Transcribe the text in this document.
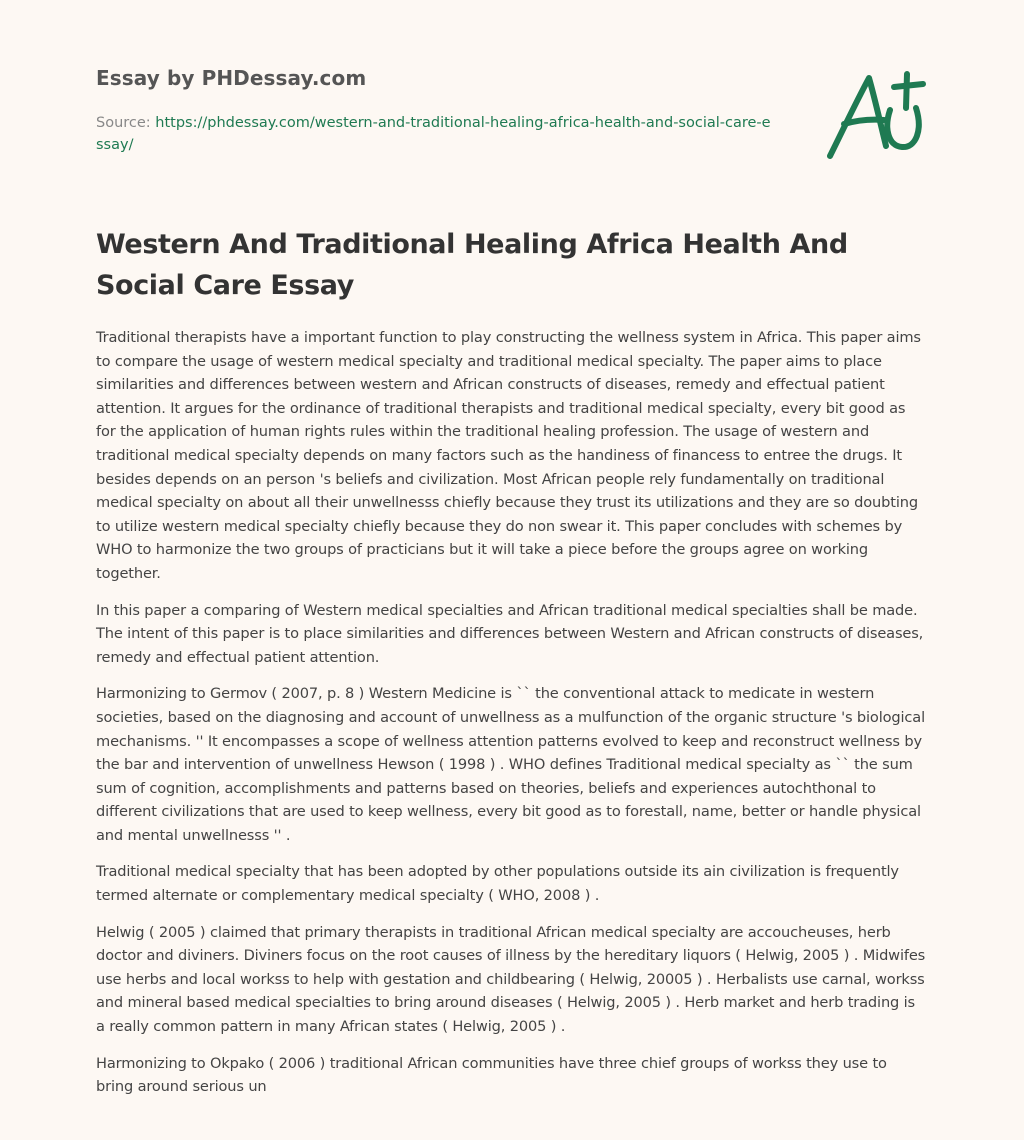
Essay by PHDessay.com
Source: https://phdessay.com/western-and-traditional-healing-africa-health-and-social-care-essay/
Western And Traditional Healing Africa Health And Social Care Essay

Traditional therapists have a important function to play constructing the wellness system in Africa. This paper aims to compare the usage of western medical specialty and traditional medical specialty. The paper aims to place similarities and differences between western and African constructs of diseases, remedy and effectual patient attention. It argues for the ordinance of traditional therapists and traditional medical specialty, every bit good as for the application of human rights rules within the traditional healing profession. The usage of western and traditional medical specialty depends on many factors such as the handiness of financess to entree the drugs. It besides depends on an person 's beliefs and civilization. Most African people rely fundamentally on traditional medical specialty on about all their unwellnesss chiefly because they trust its utilizations and they are so doubting to utilize western medical specialty chiefly because they do non swear it. This paper concludes with schemes by WHO to harmonize the two groups of practicians but it will take a piece before the groups agree on working together.

In this paper a comparing of Western medical specialties and African traditional medical specialties shall be made. The intent of this paper is to place similarities and differences between Western and African constructs of diseases, remedy and effectual patient attention.

Harmonizing to Germov ( 2007, p. 8 ) Western Medicine is `` the conventional attack to medicate in western societies, based on the diagnosing and account of unwellness as a mulfunction of the organic structure 's biological mechanisms. '' It encompasses a scope of wellness attention patterns evolved to keep and reconstruct wellness by the bar and intervention of unwellness Hewson ( 1998 ) . WHO defines Traditional medical specialty as `` the sum sum of cognition, accomplishments and patterns based on theories, beliefs and experiences autochthonal to different civilizations that are used to keep wellness, every bit good as to forestall, name, better or handle physical and mental unwellnesss '' .

Traditional medical specialty that has been adopted by other populations outside its ain civilization is frequently termed alternate or complementary medical specialty ( WHO, 2008 ) .

Helwig ( 2005 ) claimed that primary therapists in traditional African medical specialty are accoucheuses, herb doctor and diviners. Diviners focus on the root causes of illness by the hereditary liquors ( Helwig, 2005 ) . Midwifes use herbs and local workss to help with gestation and childbearing ( Helwig, 20005 ) . Herbalists use carnal, workss and mineral based medical specialties to bring around diseases ( Helwig, 2005 ) . Herb market and herb trading is a really common pattern in many African states ( Helwig, 2005 ) .

Harmonizing to Okpako ( 2006 ) traditional African communities have three chief groups of workss they use to bring around serious un
